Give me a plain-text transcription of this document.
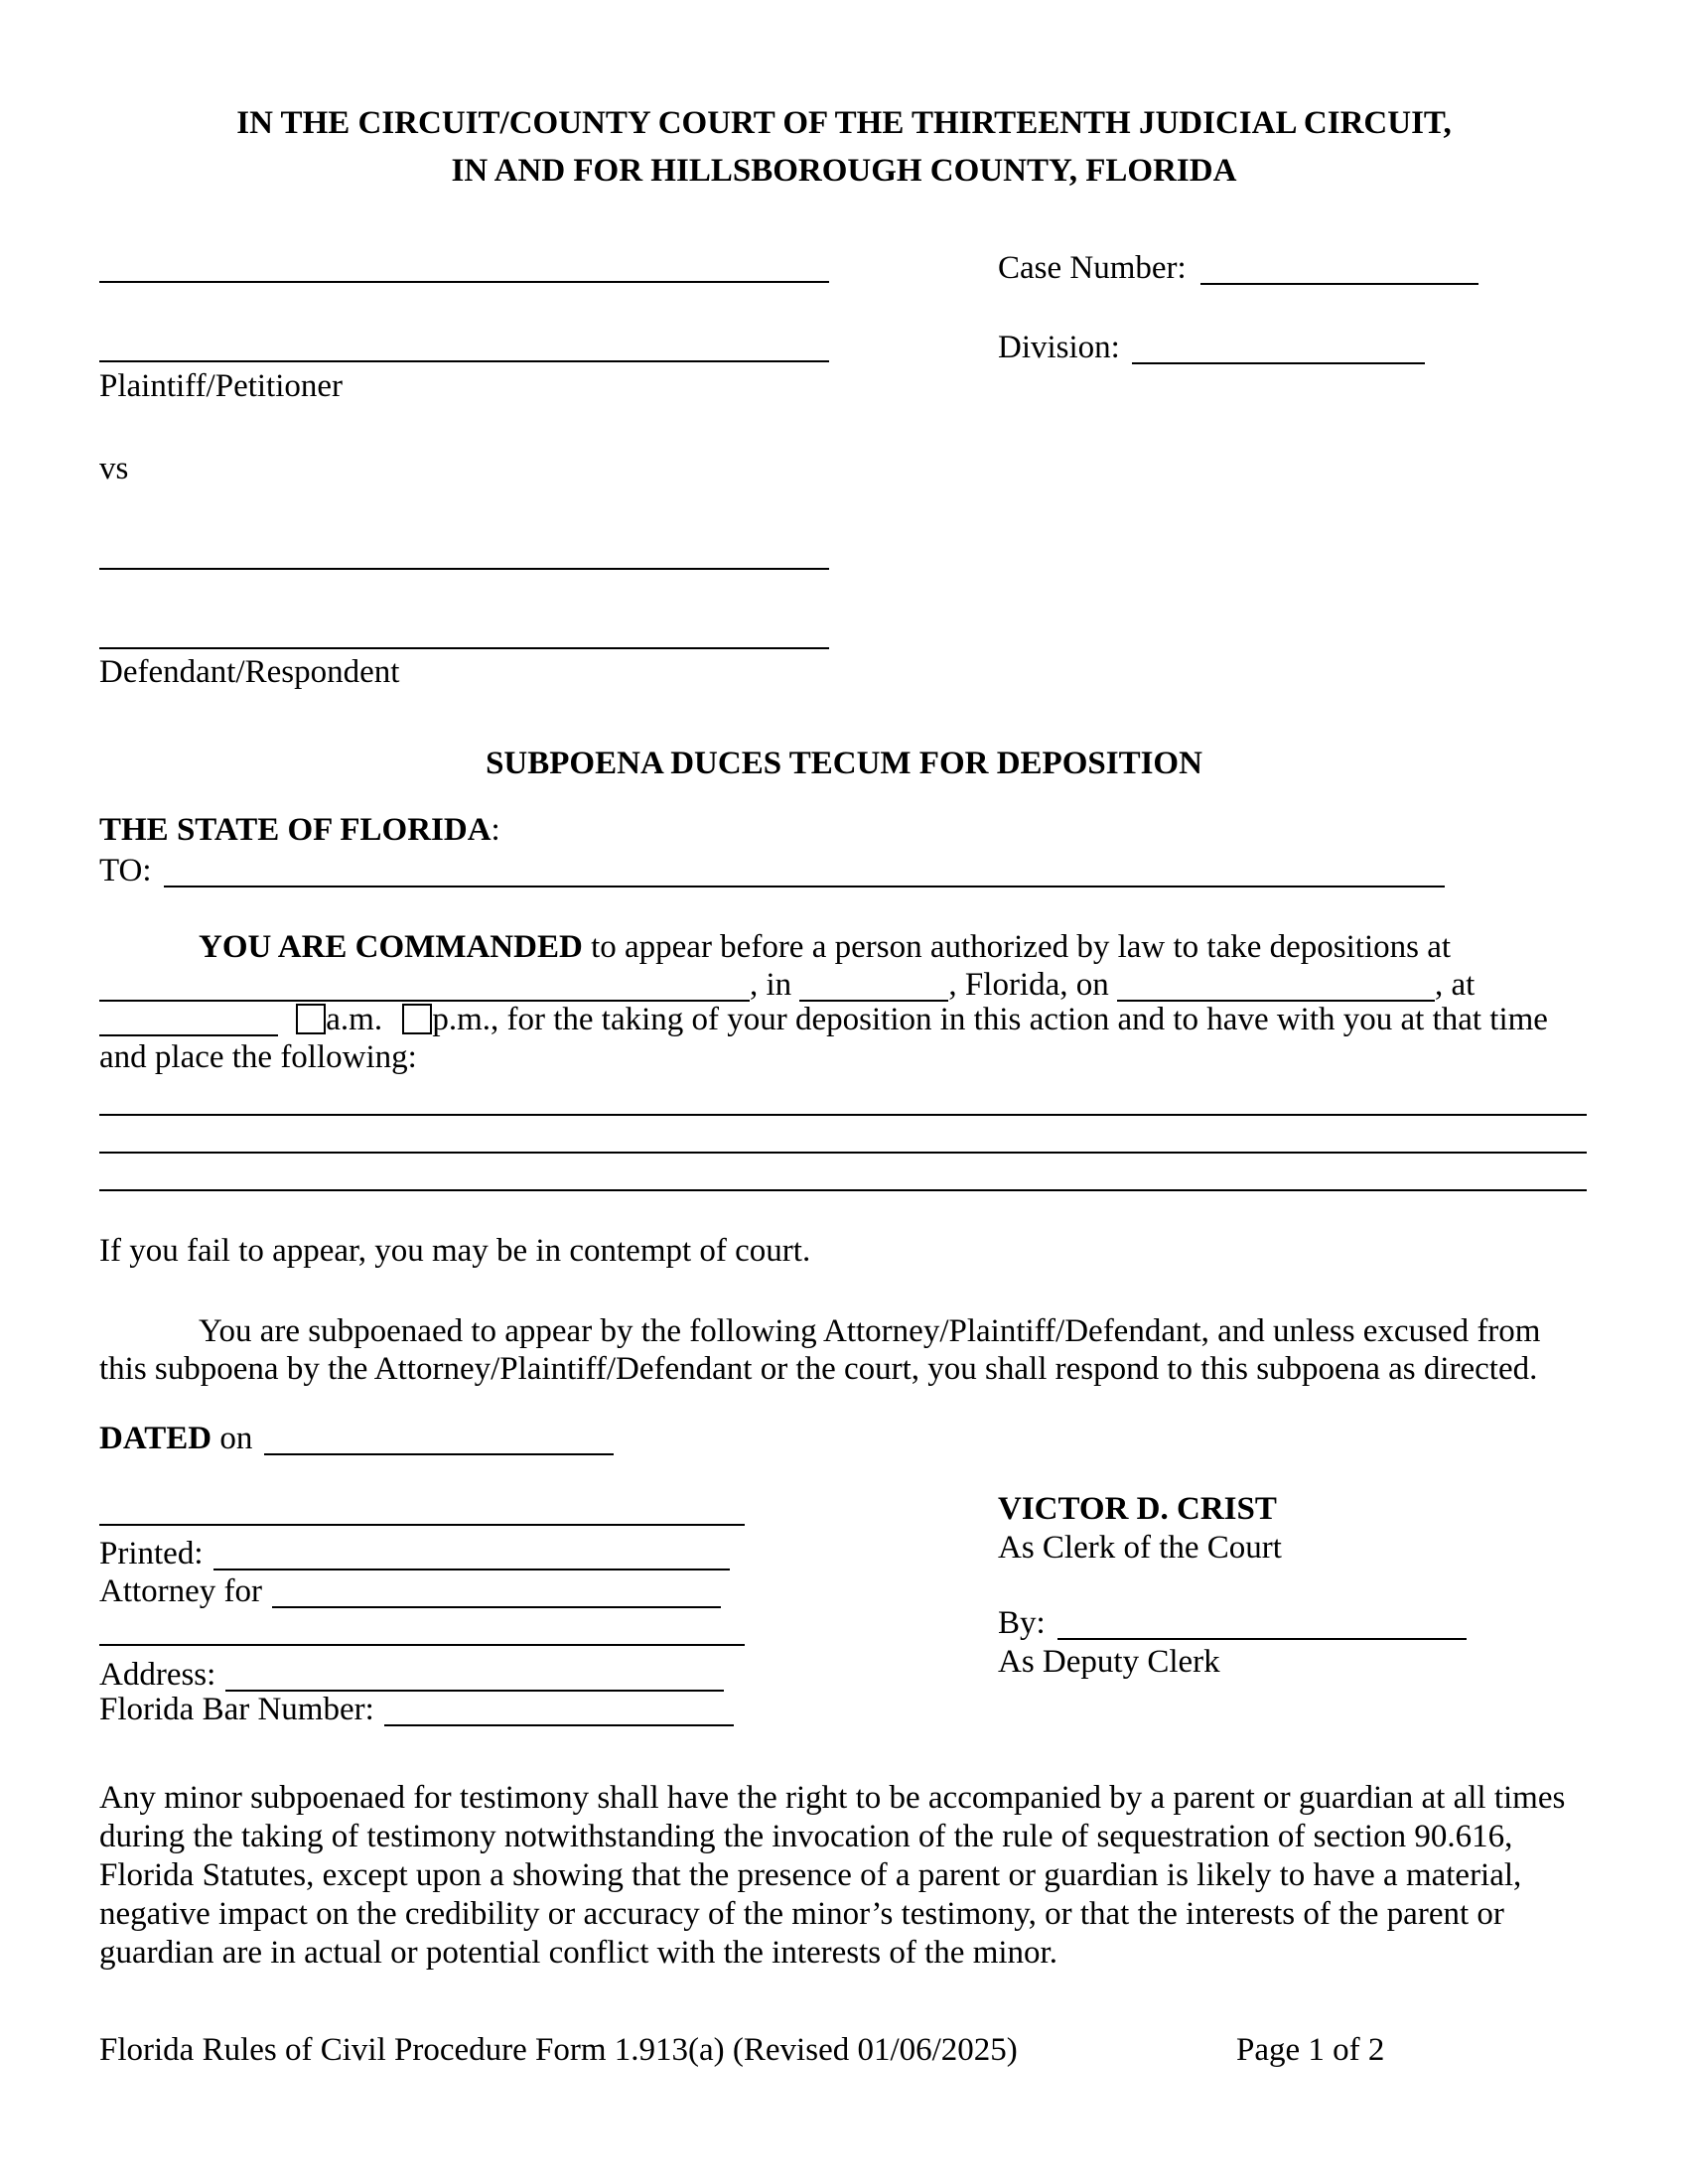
IN THE CIRCUIT/COUNTY COURT OF THE THIRTEENTH JUDICIAL CIRCUIT,
IN AND FOR HILLSBOROUGH COUNTY, FLORIDA
Plaintiff/Petitioner
vs
Defendant/Respondent
Case Number:
Division:
SUBPOENA DUCES TECUM FOR DEPOSITION
THE STATE OF FLORIDA:
TO:
YOU ARE COMMANDED to appear before a person authorized by law to take depositions at
, in	, Florida, on	, at
a.m. p.m., for the taking of your deposition in this action and to have with you at that time
and place the following:
If you fail to appear, you may be in contempt of court.
You are subpoenaed to appear by the following Attorney/Plaintiff/Defendant, and unless excused from
this subpoena by the Attorney/Plaintiff/Defendant or the court, you shall respond to this subpoena as directed.
DATED on
Printed:
Attorney for
Address:
Florida Bar Number:
VICTOR D. CRIST
As Clerk of the Court
By:
As Deputy Clerk
Any minor subpoenaed for testimony shall have the right to be accompanied by a parent or guardian at all times
during the taking of testimony notwithstanding the invocation of the rule of sequestration of section 90.616,
Florida Statutes, except upon a showing that the presence of a parent or guardian is likely to have a material,
negative impact on the credibility or accuracy of the minor’s testimony, or that the interests of the parent or
guardian are in actual or potential conflict with the interests of the minor.
Florida Rules of Civil Procedure Form 1.913(a) (Revised 01/06/2025)	Page 1 of 2
